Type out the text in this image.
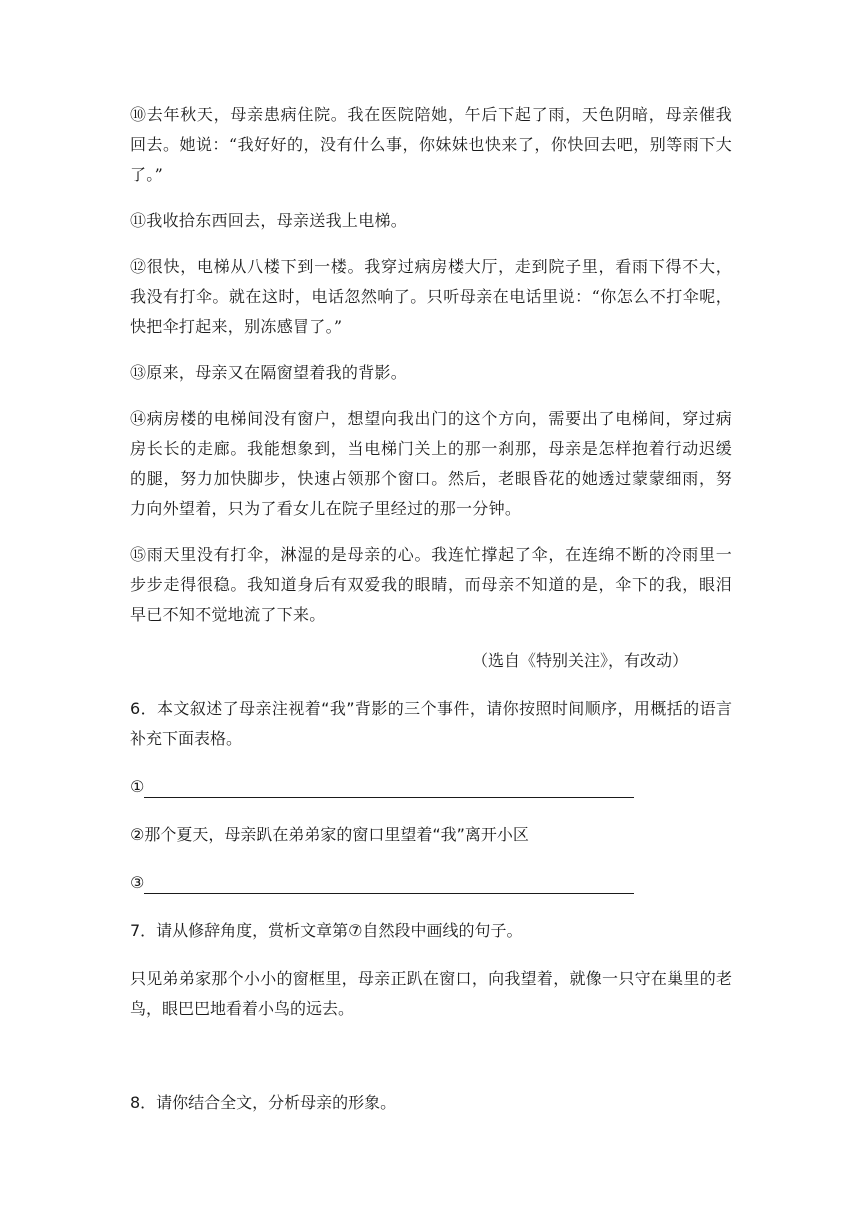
⑩去年秋天，母亲患病住院。我在医院陪她，午后下起了雨，天色阴暗，母亲催我回去。她说：“我好好的，没有什么事，你妹妹也快来了，你快回去吧，别等雨下大了。”

⑪我收拾东西回去，母亲送我上电梯。

⑫很快，电梯从八楼下到一楼。我穿过病房楼大厅，走到院子里，看雨下得不大，我没有打伞。就在这时，电话忽然响了。只听母亲在电话里说：“你怎么不打伞呢，快把伞打起来，别冻感冒了。”

⑬原来，母亲又在隔窗望着我的背影。

⑭病房楼的电梯间没有窗户，想望向我出门的这个方向，需要出了电梯间，穿过病房长长的走廊。我能想象到，当电梯门关上的那一刹那，母亲是怎样抱着行动迟缓的腿，努力加快脚步，快速占领那个窗口。然后，老眼昏花的她透过蒙蒙细雨，努力向外望着，只为了看女儿在院子里经过的那一分钟。

⑮雨天里没有打伞，淋湿的是母亲的心。我连忙撑起了伞，在连绵不断的冷雨里一步步走得很稳。我知道身后有双爱我的眼睛，而母亲不知道的是，伞下的我，眼泪早已不知不觉地流了下来。

（选自《特别关注》，有改动）

6．本文叙述了母亲注视着“我”背影的三个事件，请你按照时间顺序，用概括的语言补充下面表格。

①
②那个夏天，母亲趴在弟弟家的窗口里望着“我”离开小区
③

7．请从修辞角度，赏析文章第⑦自然段中画线的句子。

只见弟弟家那个小小的窗框里，母亲正趴在窗口，向我望着，就像一只守在巢里的老鸟，眼巴巴地看着小鸟的远去。

8．请你结合全文，分析母亲的形象。
